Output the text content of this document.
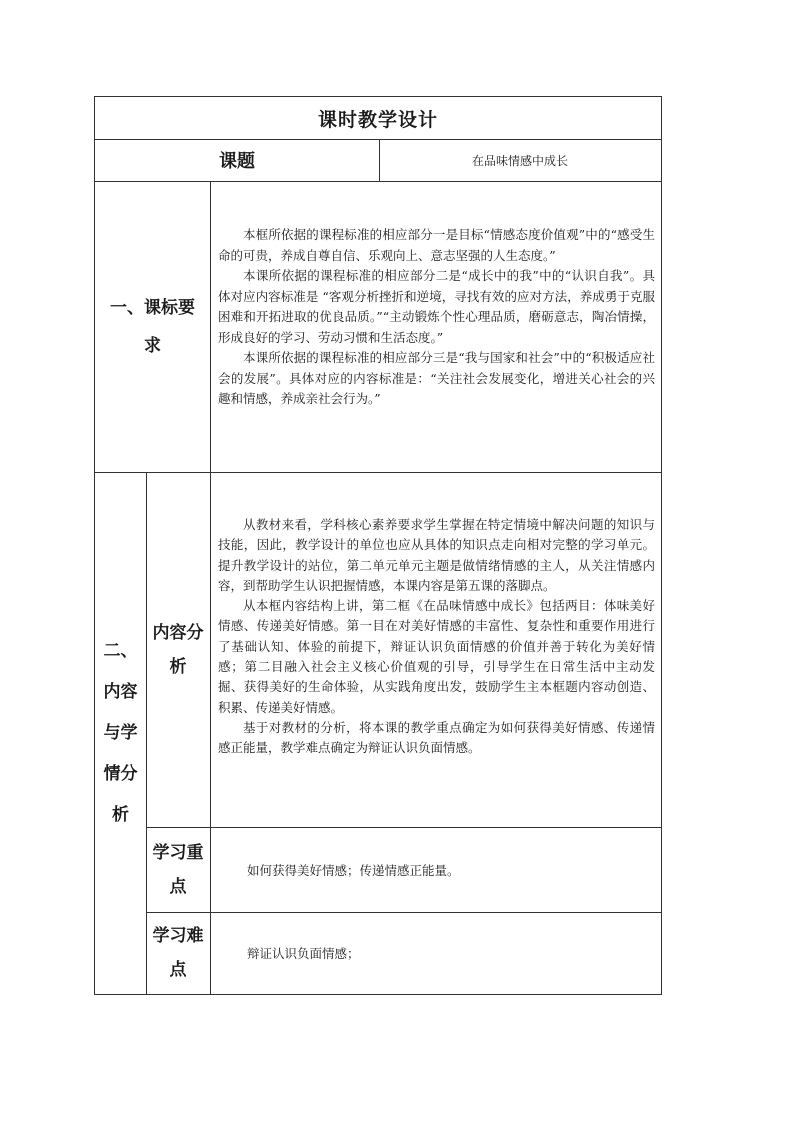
课时教学设计
课题	在品味情感中成长
一、课标要求

本框所依据的课程标准的相应部分一是目标“情感态度价值观”中的“感受生命的可贵，养成自尊自信、乐观向上、意志坚强的人生态度。”

本课所依据的课程标准的相应部分二是“成长中的我”中的“认识自我”。具体对应内容标准是 “客观分析挫折和逆境，寻找有效的应对方法，养成勇于克服困难和开拓进取的优良品质。”“主动锻炼个性心理品质，磨砺意志，陶冶情操，形成良好的学习、劳动习惯和生活态度。”

本课所依据的课程标准的相应部分三是“我与国家和社会”中的“积极适应社会的发展”。具体对应的内容标准是：“关注社会发展变化，增进关心社会的兴趣和情感，养成亲社会行为。”

二、内容与学情分析
内容分析

从教材来看，学科核心素养要求学生掌握在特定情境中解决问题的知识与技能，因此，教学设计的单位也应从具体的知识点走向相对完整的学习单元。提升教学设计的站位，第二单元单元主题是做情绪情感的主人，从关注情感内容，到帮助学生认识把握情感，本课内容是第五课的落脚点。

从本框内容结构上讲，第二框《在品味情感中成长》包括两目：体味美好情感、传递美好情感。第一目在对美好情感的丰富性、复杂性和重要作用进行了基础认知、体验的前提下，辩证认识负面情感的价值并善于转化为美好情感；第二目融入社会主义核心价值观的引导，引导学生在日常生活中主动发掘、获得美好的生命体验，从实践角度出发，鼓励学生主本框题内容动创造、积累、传递美好情感。

基于对教材的分析，将本课的教学重点确定为如何获得美好情感、传递情感正能量，教学难点确定为辩证认识负面情感。

学习重点
如何获得美好情感；传递情感正能量。
学习难点
辩证认识负面情感；
